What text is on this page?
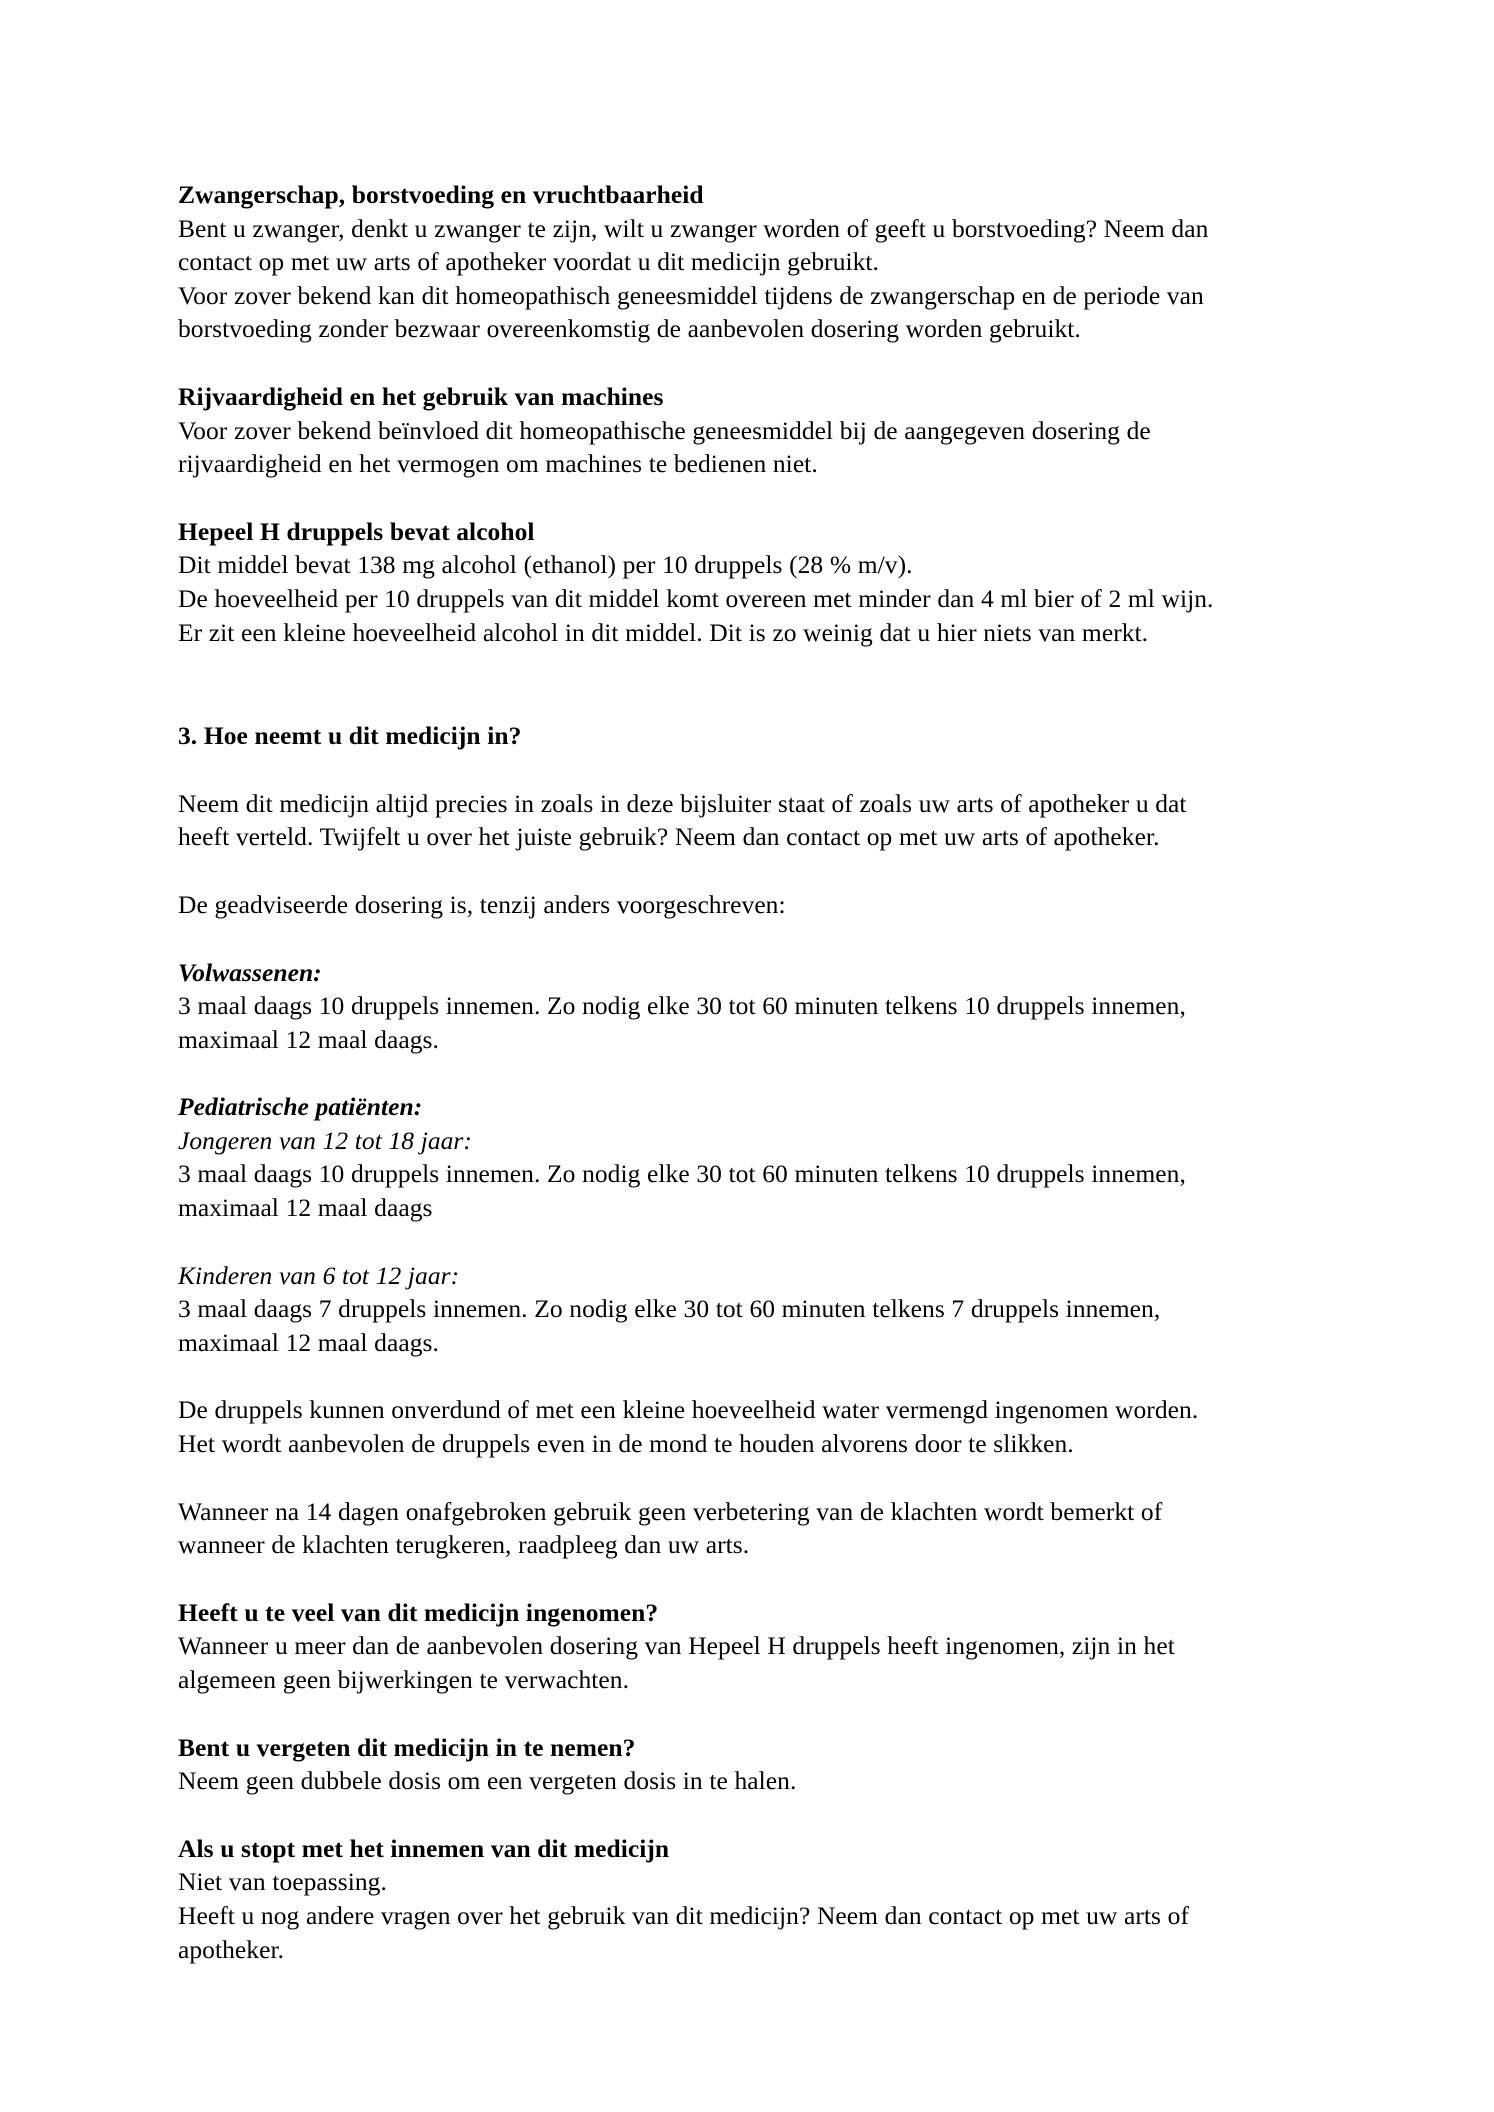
Zwangerschap, borstvoeding en vruchtbaarheid
Bent u zwanger, denkt u zwanger te zijn, wilt u zwanger worden of geeft u borstvoeding? Neem dan
contact op met uw arts of apotheker voordat u dit medicijn gebruikt.
Voor zover bekend kan dit homeopathisch geneesmiddel tijdens de zwangerschap en de periode van
borstvoeding zonder bezwaar overeenkomstig de aanbevolen dosering worden gebruikt.
Rijvaardigheid en het gebruik van machines
Voor zover bekend beïnvloed dit homeopathische geneesmiddel bij de aangegeven dosering de
rijvaardigheid en het vermogen om machines te bedienen niet.
Hepeel H druppels bevat alcohol
Dit middel bevat 138 mg alcohol (ethanol) per 10 druppels (28 % m/v).
De hoeveelheid per 10 druppels van dit middel komt overeen met minder dan 4 ml bier of 2 ml wijn.
Er zit een kleine hoeveelheid alcohol in dit middel. Dit is zo weinig dat u hier niets van merkt.
3. Hoe neemt u dit medicijn in?
Neem dit medicijn altijd precies in zoals in deze bijsluiter staat of zoals uw arts of apotheker u dat
heeft verteld. Twijfelt u over het juiste gebruik? Neem dan contact op met uw arts of apotheker.
De geadviseerde dosering is, tenzij anders voorgeschreven:
Volwassenen:
3 maal daags 10 druppels innemen. Zo nodig elke 30 tot 60 minuten telkens 10 druppels innemen,
maximaal 12 maal daags.
Pediatrische patiënten:
Jongeren van 12 tot 18 jaar:
3 maal daags 10 druppels innemen. Zo nodig elke 30 tot 60 minuten telkens 10 druppels innemen,
maximaal 12 maal daags
Kinderen van 6 tot 12 jaar:
3 maal daags 7 druppels innemen. Zo nodig elke 30 tot 60 minuten telkens 7 druppels innemen,
maximaal 12 maal daags.
De druppels kunnen onverdund of met een kleine hoeveelheid water vermengd ingenomen worden.
Het wordt aanbevolen de druppels even in de mond te houden alvorens door te slikken.
Wanneer na 14 dagen onafgebroken gebruik geen verbetering van de klachten wordt bemerkt of
wanneer de klachten terugkeren, raadpleeg dan uw arts.
Heeft u te veel van dit medicijn ingenomen?
Wanneer u meer dan de aanbevolen dosering van Hepeel H druppels heeft ingenomen, zijn in het
algemeen geen bijwerkingen te verwachten.
Bent u vergeten dit medicijn in te nemen?
Neem geen dubbele dosis om een vergeten dosis in te halen.
Als u stopt met het innemen van dit medicijn
Niet van toepassing.
Heeft u nog andere vragen over het gebruik van dit medicijn? Neem dan contact op met uw arts of
apotheker.
